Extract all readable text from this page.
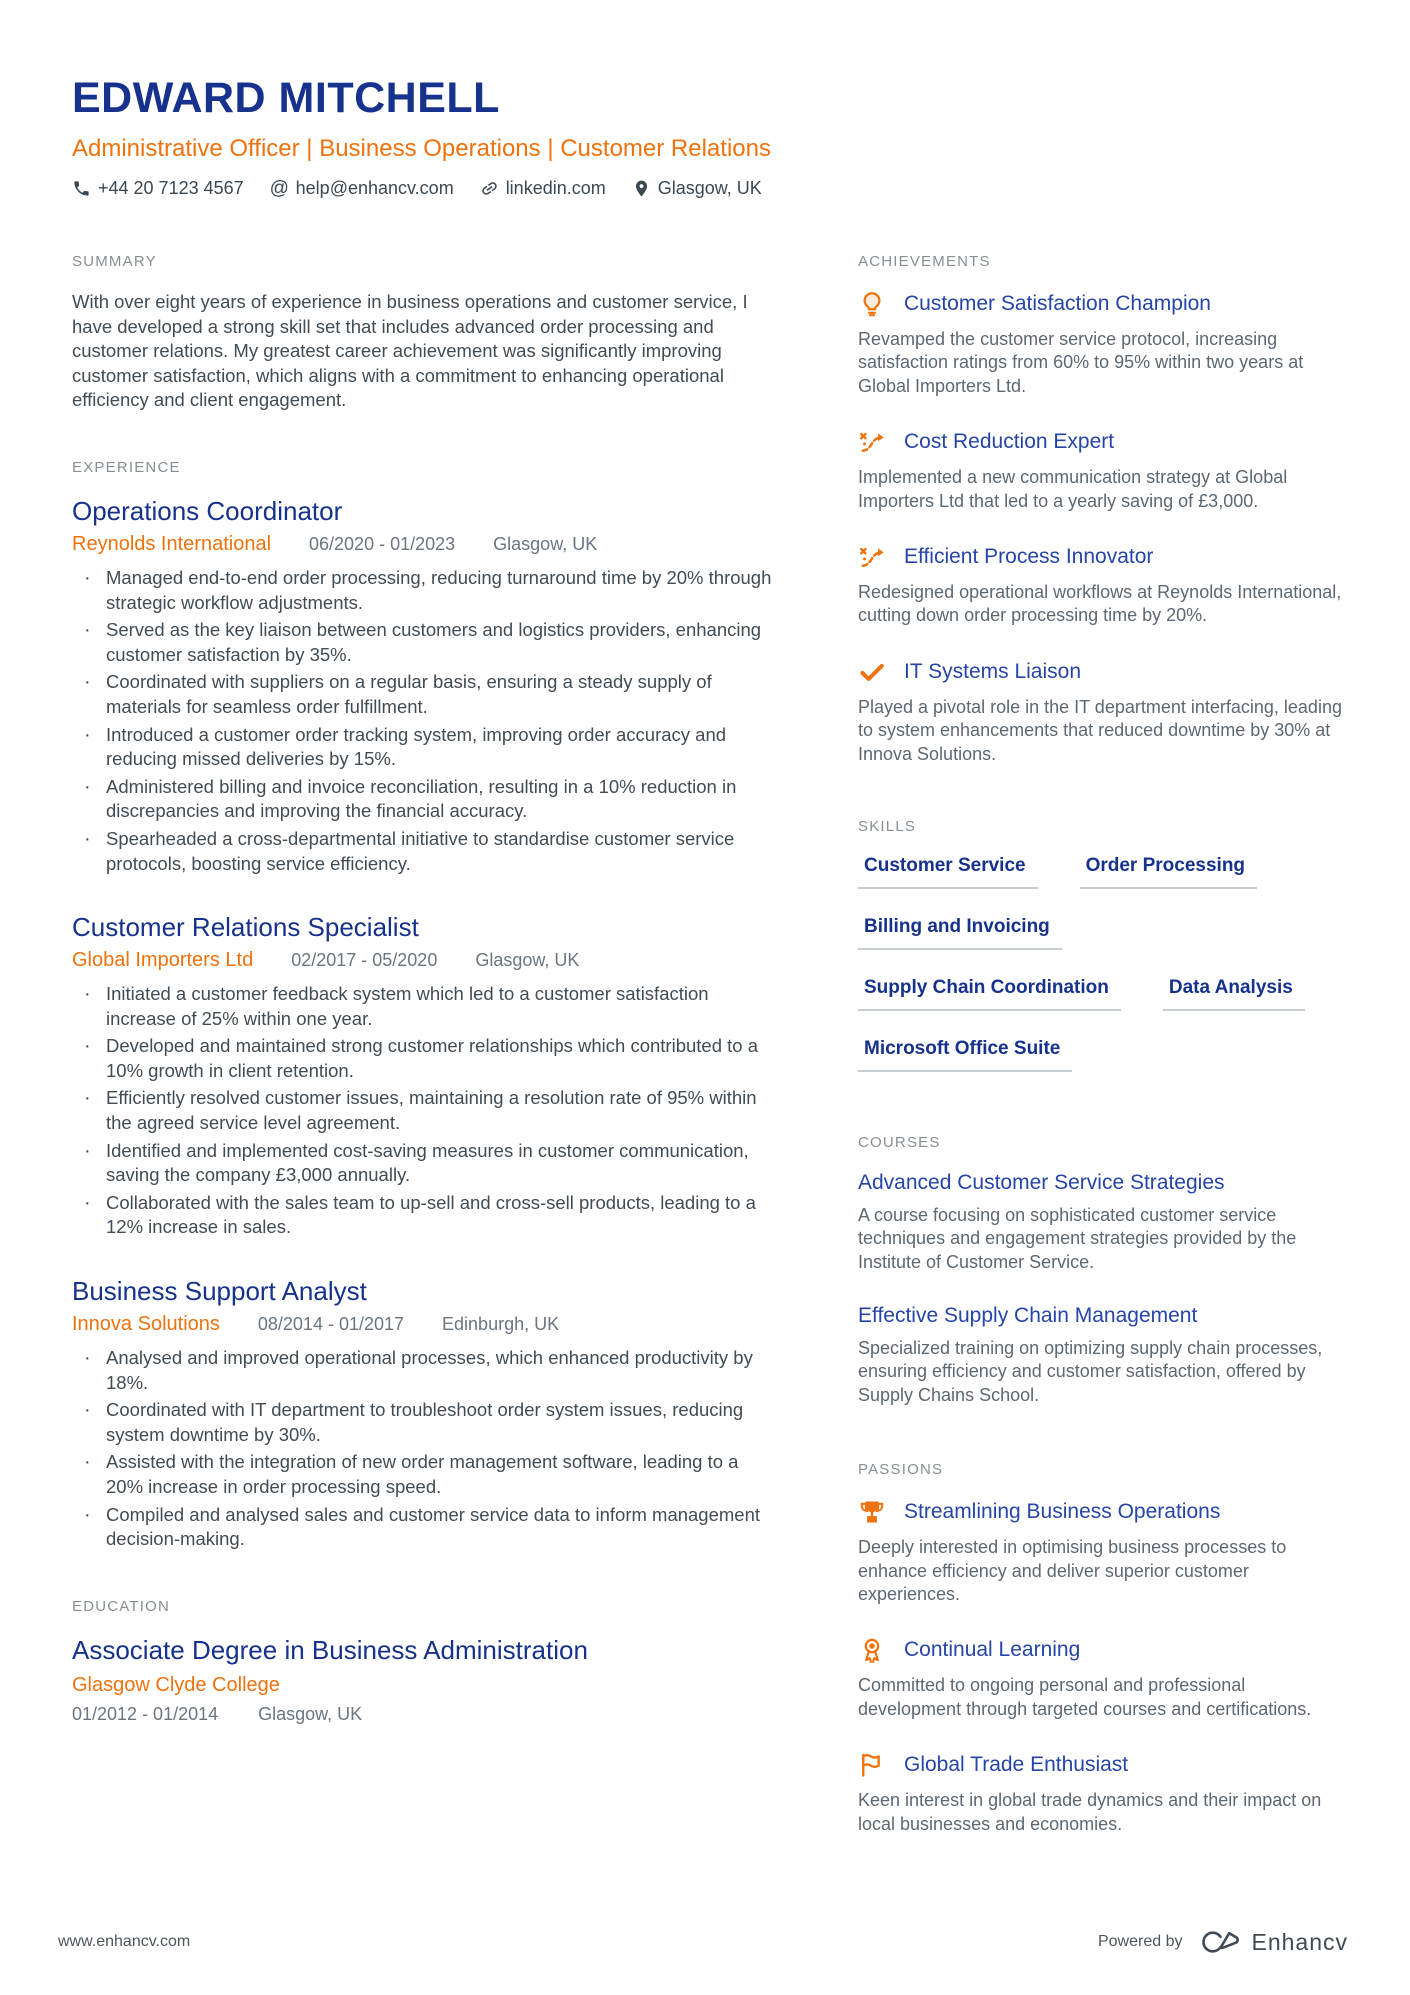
EDWARD MITCHELL
Administrative Officer | Business Operations | Customer Relations
+44 20 7123 4567 @ help@enhancv.com	linkedin.com	Glasgow, UK
SUMMARY
With over eight years of experience in business operations and customer service, I have developed a strong skill set that includes advanced order processing and customer relations. My greatest career achievement was significantly improving customer satisfaction, which aligns with a commitment to enhancing operational efficiency and client engagement.
EXPERIENCE
Operations Coordinator
Reynolds International 06/2020 - 01/2023 Glasgow, UK
· Managed end-to-end order processing, reducing turnaround time by 20% through strategic workflow adjustments.
· Served as the key liaison between customers and logistics providers, enhancing customer satisfaction by 35%.
· Coordinated with suppliers on a regular basis, ensuring a steady supply of materials for seamless order fulfillment.
· Introduced a customer order tracking system, improving order accuracy and reducing missed deliveries by 15%.
· Administered billing and invoice reconciliation, resulting in a 10% reduction in discrepancies and improving the financial accuracy.
· Spearheaded a cross-departmental initiative to standardise customer service protocols, boosting service efficiency.
Customer Relations Specialist
Global Importers Ltd 02/2017 - 05/2020 Glasgow, UK
· Initiated a customer feedback system which led to a customer satisfaction increase of 25% within one year.
· Developed and maintained strong customer relationships which contributed to a 10% growth in client retention.
· Efficiently resolved customer issues, maintaining a resolution rate of 95% within the agreed service level agreement.
· Identified and implemented cost-saving measures in customer communication, saving the company £3,000 annually.
· Collaborated with the sales team to up-sell and cross-sell products, leading to a 12% increase in sales.
Business Support Analyst
Innova Solutions 08/2014 - 01/2017 Edinburgh, UK
· Analysed and improved operational processes, which enhanced productivity by 18%.
· Coordinated with IT department to troubleshoot order system issues, reducing system downtime by 30%.
· Assisted with the integration of new order management software, leading to a 20% increase in order processing speed.
· Compiled and analysed sales and customer service data to inform management decision-making.
EDUCATION
Associate Degree in Business Administration
Glasgow Clyde College
01/2012 - 01/2014 Glasgow, UK
ACHIEVEMENTS
Customer Satisfaction Champion
Revamped the customer service protocol, increasing satisfaction ratings from 60% to 95% within two years at Global Importers Ltd.
Cost Reduction Expert
Implemented a new communication strategy at Global Importers Ltd that led to a yearly saving of £3,000.
Efficient Process Innovator
Redesigned operational workflows at Reynolds International, cutting down order processing time by 20%.
IT Systems Liaison
Played a pivotal role in the IT department interfacing, leading to system enhancements that reduced downtime by 30% at Innova Solutions.
SKILLS
Customer Service	Order Processing
Billing and Invoicing
Supply Chain Coordination	Data Analysis
Microsoft Office Suite
COURSES
Advanced Customer Service Strategies
A course focusing on sophisticated customer service techniques and engagement strategies provided by the Institute of Customer Service.
Effective Supply Chain Management
Specialized training on optimizing supply chain processes, ensuring efficiency and customer satisfaction, offered by Supply Chains School.
PASSIONS
Streamlining Business Operations
Deeply interested in optimising business processes to enhance efficiency and deliver superior customer experiences.
Continual Learning
Committed to ongoing personal and professional development through targeted courses and certifications.
Global Trade Enthusiast
Keen interest in global trade dynamics and their impact on local businesses and economies.
www.enhancv.com	Powered by	Enhancv
